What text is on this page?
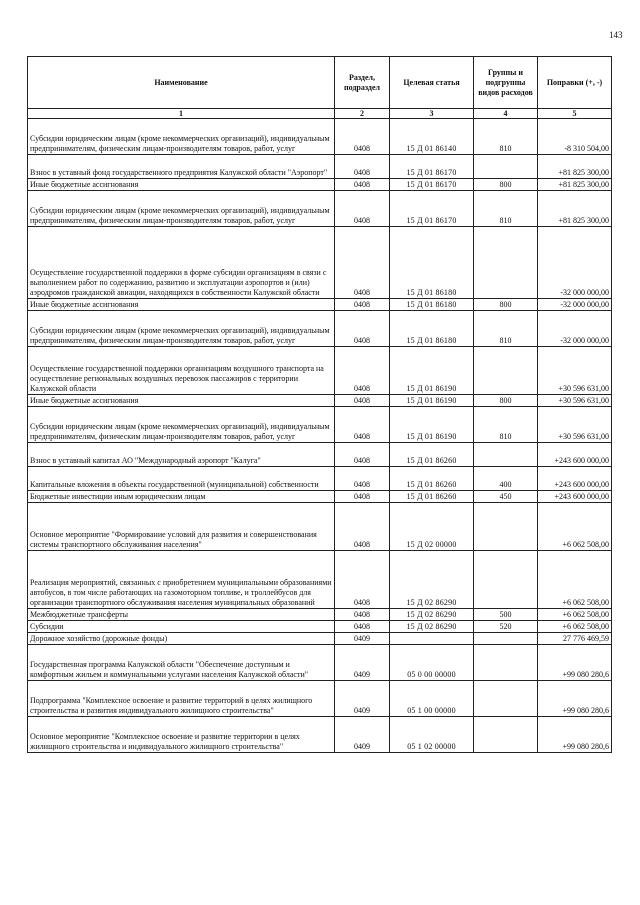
143
Наименование	Раздел, подраздел	Целевая статья	Группы и подгруппы видов расходов	Поправки (+, -)
1	2	3	4	5

Субсидии юридическим лицам (кроме некоммерческих организаций), индивидуальным предпринимателям, физическим лицам-производителям товаров, работ, услуг	0408	15 Д 01 86140	810	-8 310 504,00

Взнос в уставный фонд государственного предприятия Калужской области "Аэропорт"	0408	15 Д 01 86170		+81 825 300,00

Иные бюджетные ассигнования	0408	15 Д 01 86170	800	+81 825 300,00

Субсидии юридическим лицам (кроме некоммерческих организаций), индивидуальным предпринимателям, физическим лицам-производителям товаров, работ, услуг	0408	15 Д 01 86170	810	+81 825 300,00

Осуществление государственной поддержки в форме субсидии организациям в связи с выполнением работ по содержанию, развитию и эксплуатации аэропортов и (или) аэродромов гражданской авиации, находящихся в собственности Калужской области	0408	15 Д 01 86180		-32 000 000,00

Иные бюджетные ассигнования	0408	15 Д 01 86180	800	-32 000 000,00

Субсидии юридическим лицам (кроме некоммерческих организаций), индивидуальным предпринимателям, физическим лицам-производителям товаров, работ, услуг	0408	15 Д 01 86180	810	-32 000 000,00

Осуществление государственной поддержки организациям воздушного транспорта на осуществление региональных воздушных перевозок пассажиров с территории Калужской области	0408	15 Д 01 86190		+30 596 631,00

Иные бюджетные ассигнования	0408	15 Д 01 86190	800	+30 596 631,00

Субсидии юридическим лицам (кроме некоммерческих организаций), индивидуальным предпринимателям, физическим лицам-производителям товаров, работ, услуг	0408	15 Д 01 86190	810	+30 596 631,00

Взнос в уставный капитал АО "Международный аэропорт "Калуга"	0408	15 Д 01 86260		+243 600 000,00

Капитальные вложения в объекты государственной (муниципальной) собственности	0408	15 Д 01 86260	400	+243 600 000,00

Бюджетные инвестиции иным юридическим лицам	0408	15 Д 01 86260	450	+243 600 000,00

Основное мероприятие "Формирование условий для развития и совершенствования системы транспортного обслуживания населения"	0408	15 Д 02 00000		+6 062 508,00

Реализация мероприятий, связанных с приобретением муниципальными образованиями автобусов, в том числе работающих на газомоторном топливе, и троллейбусов для организации транспортного обслуживания населения муниципальных образований	0408	15 Д 02 86290		+6 062 508,00

Межбюджетные трансферты	0408	15 Д 02 86290	500	+6 062 508,00

Субсидии	0408	15 Д 02 86290	520	+6 062 508,00

Дорожное хозяйство (дорожные фонды)	0409			27 776 469,59

Государственная программа Калужской области "Обеспечение доступным и комфортным жильем и коммунальными услугами населения Калужской области"	0409	05 0 00 00000		+99 080 280,6

Подпрограмма "Комплексное освоение и развитие территорий в целях жилищного строительства и развития индивидуального жилищного строительства"	0409	05 1 00 00000		+99 080 280,6

Основное мероприятие "Комплексное освоение и развитие территории в целях жилищного строительства и индивидуального жилищного строительства"	0409	05 1 02 00000		+99 080 280,6
